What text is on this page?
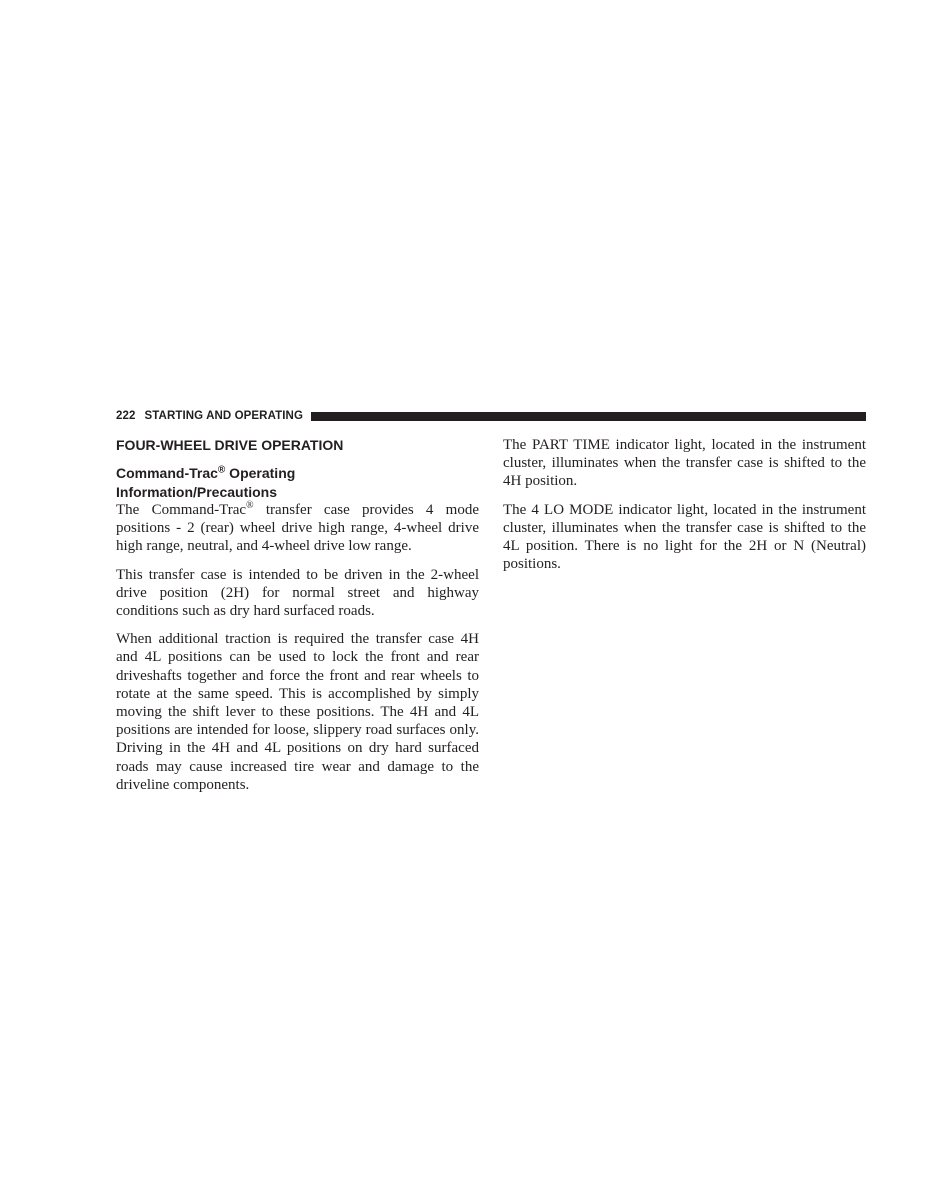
222 STARTING AND OPERATING
FOUR-WHEEL DRIVE OPERATION
Command-Trac® Operating
Information/Precautions

The Command-Trac® transfer case provides 4 mode positions - 2 (rear) wheel drive high range, 4-wheel drive high range, neutral, and 4-wheel drive low range.

This transfer case is intended to be driven in the 2-wheel drive position (2H) for normal street and highway conditions such as dry hard surfaced roads.

When additional traction is required the transfer case 4H and 4L positions can be used to lock the front and rear driveshafts together and force the front and rear wheels to rotate at the same speed. This is accomplished by simply moving the shift lever to these positions. The 4H and 4L positions are intended for loose, slippery road surfaces only. Driving in the 4H and 4L positions on dry hard surfaced roads may cause increased tire wear and damage to the driveline components.

The PART TIME indicator light, located in the instrument cluster, illuminates when the transfer case is shifted to the 4H position.

The 4 LO MODE indicator light, located in the instrument cluster, illuminates when the transfer case is shifted to the 4L position. There is no light for the 2H or N (Neutral) positions.
